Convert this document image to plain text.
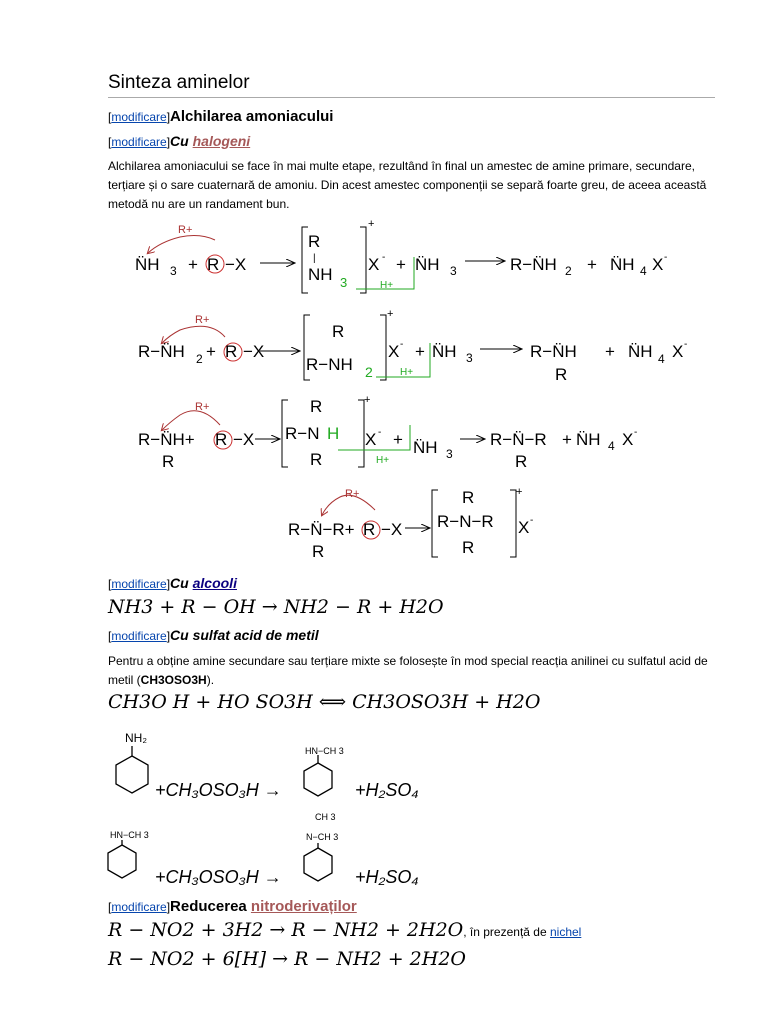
Sinteza aminelor
[modificare]Alchilarea amoniacului
[modificare]Cu halogeni
Alchilarea amoniacului se face în mai multe etape, rezultând în final un amestec de amine primare, secundare, terțiare și o sare cuaternară de amoniu. Din acest amestec componenții se separă foarte greu, de aceea această metodă nu are un randament bun.
R+
N̈H 3 + R −X
R
|
NH 3
+
X -
H+
+ N̈H 3	R−N̈H 2 + N̈H 4 X -
R+
R−N̈H 2 + R −X
R
R−NH 2
+
X -
H+
+ N̈H 3	R−N̈H
R
+ N̈H 4 X -
R+
R−N̈H+ R −X
R
R
R−N H
R
+
X -
H+
+ N̈H 3
R−N̈−R
R
+ N̈H 4 X -
R+
R−N̈−R+ R −X
R
R
R−N−R
R
+
X -
[modificare]Cu alcooli
NH3 + R − OH → NH2 − R + H2O
[modificare]Cu sulfat acid de metil
Pentru a obține amine secundare sau terțiare mixte se folosește în mod special reacția anilinei cu sulfatul acid de metil (CH3OSO3H).
CH3O H + HO SO3H ⟺ CH3OSO3H + H2O
NH₂
HN−CH 3
HN−CH 3
CH 3
N−CH 3
+CH₃OSO₃H →	+H₂SO₄
+CH₃OSO₃H →	+H₂SO₄
[modificare]Reducerea nitroderivaților
R − NO2 + 3H2 → R − NH2 + 2H2O, în prezență de nichel
R − NO2 + 6[H] → R − NH2 + 2H2O
